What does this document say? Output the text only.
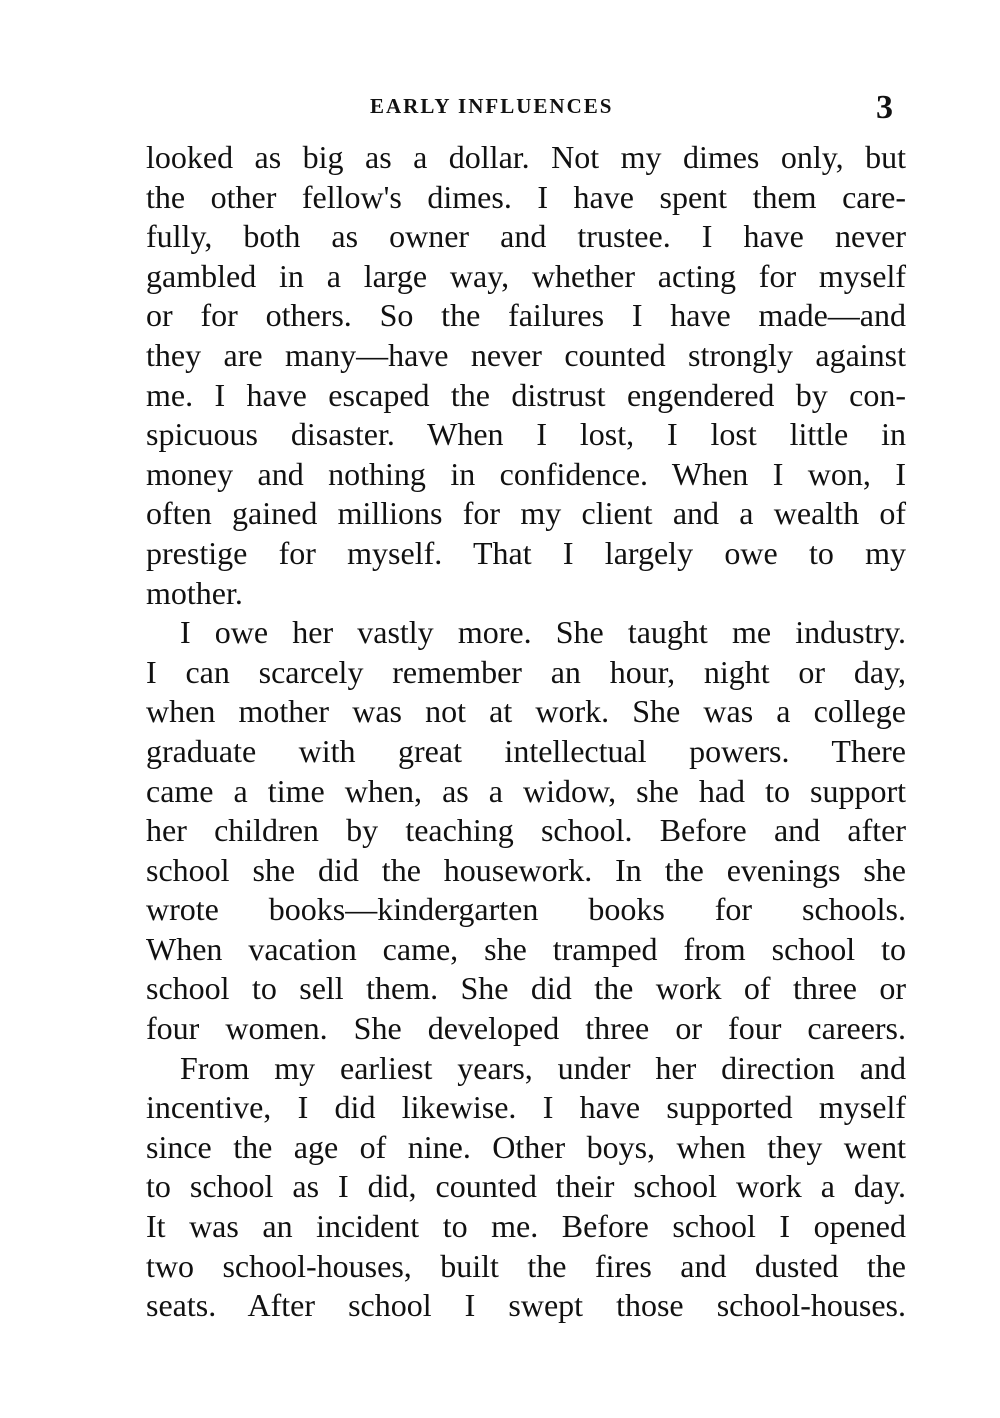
EARLY INFLUENCES	3
looked as big as a dollar. Not my dimes only, but
the other fellow's dimes. I have spent them care-
fully, both as owner and trustee. I have never
gambled in a large way, whether acting for myself
or for others. So the failures I have made—and
they are many—have never counted strongly against
me. I have escaped the distrust engendered by con-
spicuous disaster. When I lost, I lost little in
money and nothing in confidence. When I won, I
often gained millions for my client and a wealth of
prestige for myself. That I largely owe to my
mother.
I owe her vastly more. She taught me industry.
I can scarcely remember an hour, night or day,
when mother was not at work. She was a college
graduate with great intellectual powers. There
came a time when, as a widow, she had to support
her children by teaching school. Before and after
school she did the housework. In the evenings she
wrote books—kindergarten books for schools.
When vacation came, she tramped from school to
school to sell them. She did the work of three or
four women. She developed three or four careers.
From my earliest years, under her direction and
incentive, I did likewise. I have supported myself
since the age of nine. Other boys, when they went
to school as I did, counted their school work a day.
It was an incident to me. Before school I opened
two school-houses, built the fires and dusted the
seats. After school I swept those school-houses.
